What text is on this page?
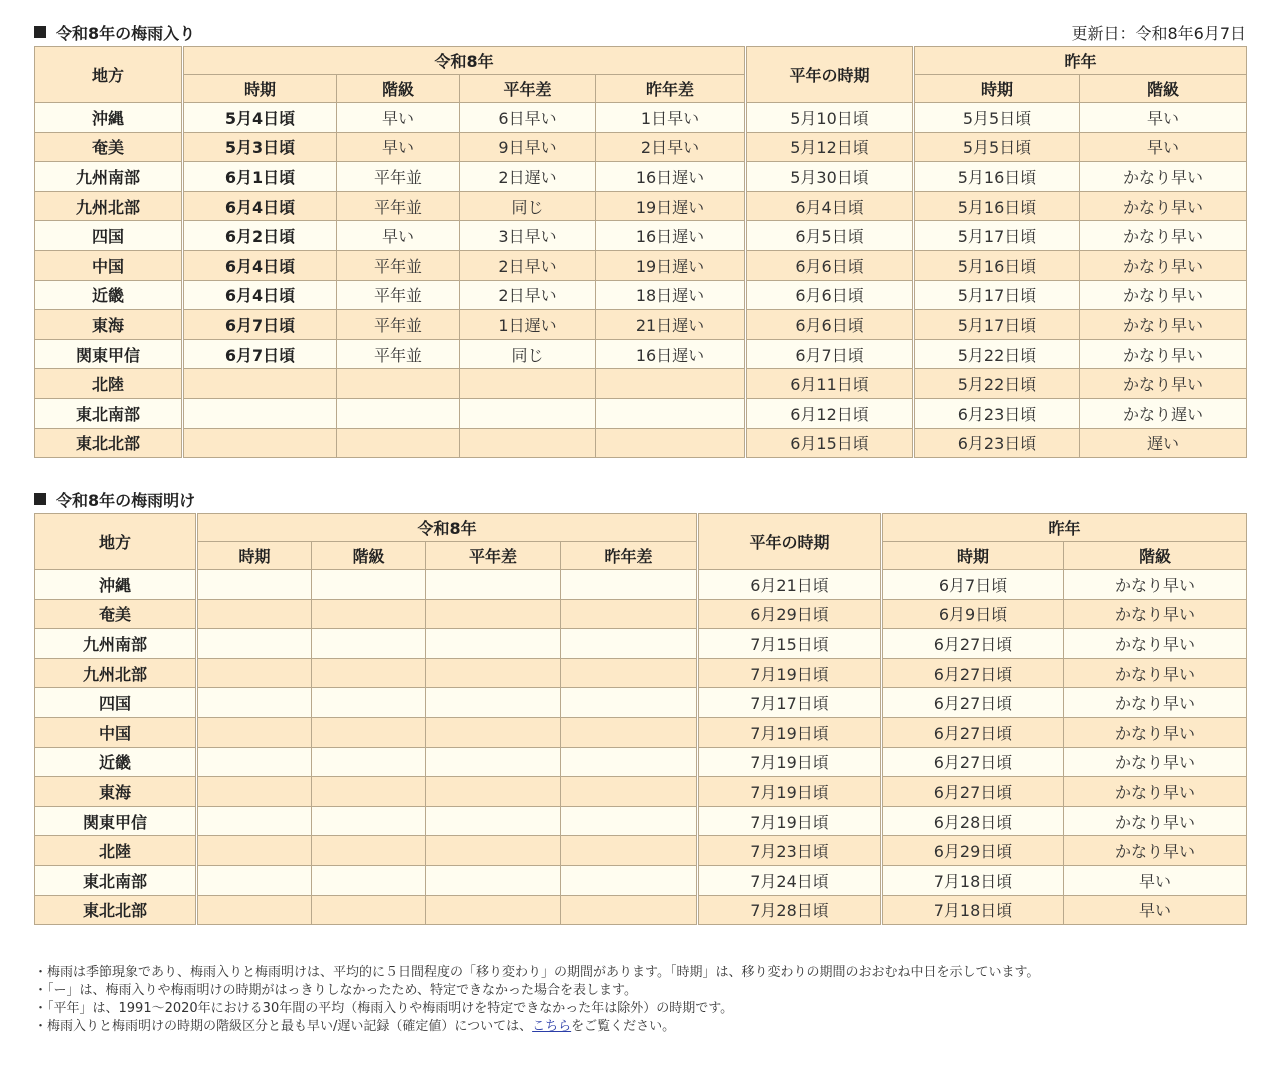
令和8年の梅雨入り	更新日：令和8年6月7日
地方	令和8年				平年の時期	昨年	
	時期	階級	平年差	昨年差		時期	階級
沖縄	5月4日頃	早い	6日早い	1日早い	5月10日頃	5月5日頃	早い
奄美	5月3日頃	早い	9日早い	2日早い	5月12日頃	5月5日頃	早い
九州南部	6月1日頃	平年並	2日遅い	16日遅い	5月30日頃	5月16日頃	かなり早い
九州北部	6月4日頃	平年並	同じ	19日遅い	6月4日頃	5月16日頃	かなり早い
四国	6月2日頃	早い	3日早い	16日遅い	6月5日頃	5月17日頃	かなり早い
中国	6月4日頃	平年並	2日早い	19日遅い	6月6日頃	5月16日頃	かなり早い
近畿	6月4日頃	平年並	2日早い	18日遅い	6月6日頃	5月17日頃	かなり早い
東海	6月7日頃	平年並	1日遅い	21日遅い	6月6日頃	5月17日頃	かなり早い
関東甲信	6月7日頃	平年並	同じ	16日遅い	6月7日頃	5月22日頃	かなり早い
北陸					6月11日頃	5月22日頃	かなり早い
東北南部					6月12日頃	6月23日頃	かなり遅い
東北北部					6月15日頃	6月23日頃	遅い
令和8年の梅雨明け
地方	令和8年				平年の時期	昨年	
	時期	階級	平年差	昨年差		時期	階級
沖縄					6月21日頃	6月7日頃	かなり早い
奄美					6月29日頃	6月9日頃	かなり早い
九州南部					7月15日頃	6月27日頃	かなり早い
九州北部					7月19日頃	6月27日頃	かなり早い
四国					7月17日頃	6月27日頃	かなり早い
中国					7月19日頃	6月27日頃	かなり早い
近畿					7月19日頃	6月27日頃	かなり早い
東海					7月19日頃	6月27日頃	かなり早い
関東甲信					7月19日頃	6月28日頃	かなり早い
北陸					7月23日頃	6月29日頃	かなり早い
東北南部					7月24日頃	7月18日頃	早い
東北北部					7月28日頃	7月18日頃	早い
・梅雨は季節現象であり、梅雨入りと梅雨明けは、平均的に５日間程度の「移り変わり」の期間があります。「時期」は、移り変わりの期間のおおむね中日を示しています。
・「ー」は、梅雨入りや梅雨明けの時期がはっきりしなかったため、特定できなかった場合を表します。
・「平年」は、1991〜2020年における30年間の平均（梅雨入りや梅雨明けを特定できなかった年は除外）の時期です。
・梅雨入りと梅雨明けの時期の階級区分と最も早い/遅い記録（確定値）については、こちらをご覧ください。
